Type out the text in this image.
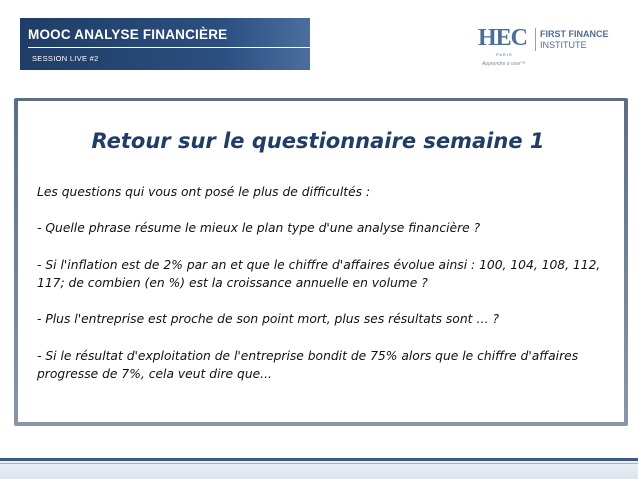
MOOC ANALYSE FINANCIÈRE
SESSION LIVE #2
HEC
PARIS
FIRST FINANCE
INSTITUTE
Apprendre à oser™
Retour sur le questionnaire semaine 1

Les questions qui vous ont posé le plus de difficultés :

- Quelle phrase résume le mieux le plan type d'une analyse financière ?

- Si l'inflation est de 2% par an et que le chiffre d'affaires évolue ainsi : 100, 104, 108, 112, 117; de combien (en %) est la croissance annuelle en volume ?

- Plus l'entreprise est proche de son point mort, plus ses résultats sont … ?

- Si le résultat d'exploitation de l'entreprise bondit de 75% alors que le chiffre d'affaires progresse de 7%, cela veut dire que...
